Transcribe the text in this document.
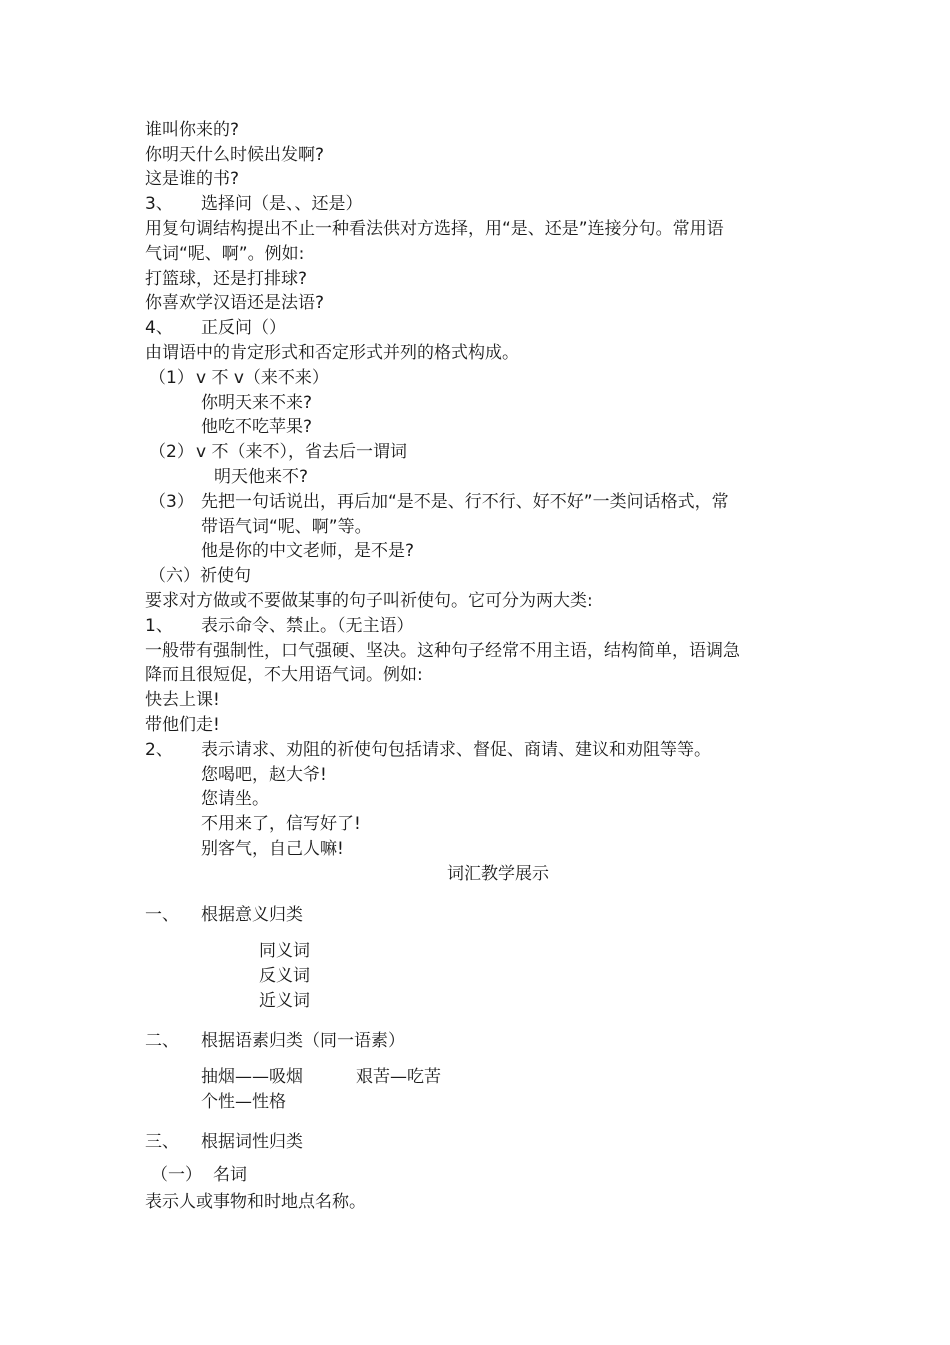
谁叫你来的?
你明天什么时候出发啊?
这是谁的书?
3、 选择问（是、、还是）
用复句调结构提出不止一种看法供对方选择，用“是、还是”连接分句。常用语
气词“呢、啊”。例如:
打篮球，还是打排球?
你喜欢学汉语还是法语?
4、 正反问（）
由谓语中的肯定形式和否定形式并列的格式构成。
（1） v 不 v（来不来）
你明天来不来?
他吃不吃苹果?
（2） v 不（来不），省去后一谓词
明天他来不?
（3） 先把一句话说出，再后加“是不是、行不行、好不好”一类问话格式，常
带语气词“呢、啊”等。
他是你的中文老师，是不是?
（六）祈使句
要求对方做或不要做某事的句子叫祈使句。它可分为两大类:
1、 表示命令、禁止。（无主语）
一般带有强制性，口气强硬、坚决。这种句子经常不用主语，结构简单，语调急
降而且很短促，不大用语气词。例如:
快去上课!
带他们走!
2、 表示请求、劝阻的祈使句包括请求、督促、商请、建议和劝阻等等。
您喝吧，赵大爷!
您请坐。
不用来了，信写好了!
别客气，自己人嘛!
词汇教学展示
一、 根据意义归类
同义词
反义词
近义词
二、 根据语素归类（同一语素）
抽烟——吸烟	艰苦—吃苦
个性—性格
三、 根据词性归类
（一） 名词
表示人或事物和时地点名称。
